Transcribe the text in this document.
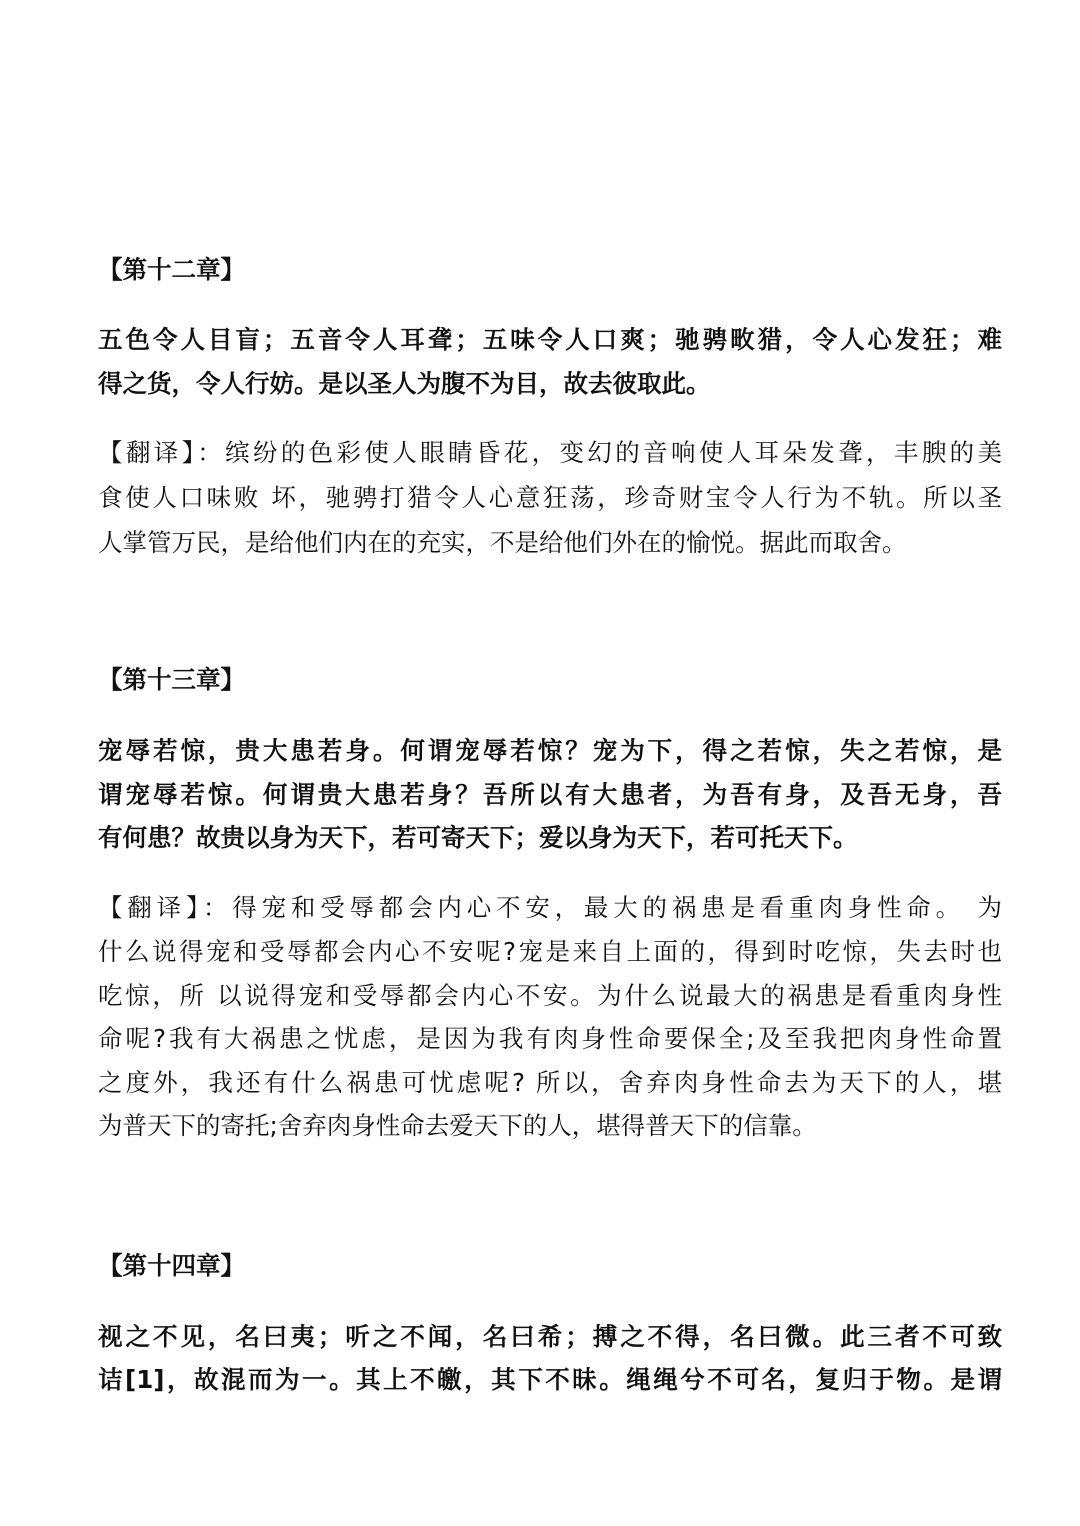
【第十二章】
五色令人目盲；五音令人耳聋；五味令人口爽；驰骋畋猎，令人心发狂；难
得之货，令人行妨。是以圣人为腹不为目，故去彼取此。
【翻译】：缤纷的色彩使人眼睛昏花，变幻的音响使人耳朵发聋，丰腴的美
食使人口味败 坏，驰骋打猎令人心意狂荡，珍奇财宝令人行为不轨。所以圣
人掌管万民，是给他们内在的充实，不是给他们外在的愉悦。据此而取舍。
【第十三章】
宠辱若惊，贵大患若身。何谓宠辱若惊？宠为下，得之若惊，失之若惊，是
谓宠辱若惊。何谓贵大患若身？吾所以有大患者，为吾有身，及吾无身，吾
有何患？故贵以身为天下，若可寄天下；爱以身为天下，若可托天下。
【翻译】：得宠和受辱都会内心不安，最大的祸患是看重肉身性命。 为
什么说得宠和受辱都会内心不安呢?宠是来自上面的，得到时吃惊，失去时也
吃惊，所 以说得宠和受辱都会内心不安。为什么说最大的祸患是看重肉身性
命呢?我有大祸患之忧虑，是因为我有肉身性命要保全;及至我把肉身性命置
之度外，我还有什么祸患可忧虑呢? 所以，舍弃肉身性命去为天下的人，堪
为普天下的寄托;舍弃肉身性命去爱天下的人，堪得普天下的信靠。
【第十四章】
视之不见，名曰夷；听之不闻，名曰希；搏之不得，名曰微。此三者不可致
诘[1]，故混而为一。其上不皦，其下不昧。绳绳兮不可名，复归于物。是谓
